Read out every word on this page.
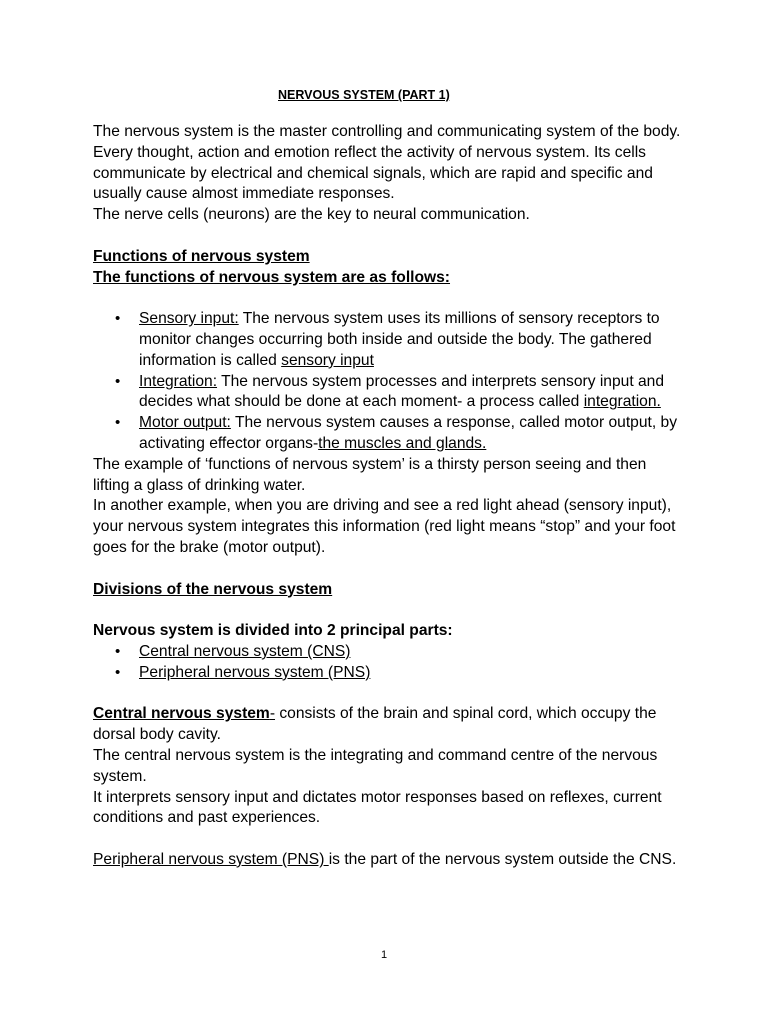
NERVOUS SYSTEM (PART 1)

The nervous system is the master controlling and communicating system of the body. Every thought, action and emotion reflect the activity of nervous system. Its cells communicate by electrical and chemical signals, which are rapid and specific and usually cause almost immediate responses.

The nerve cells (neurons) are the key to neural communication.

Functions of nervous system

The functions of nervous system are as follows:

• Sensory input: The nervous system uses its millions of sensory receptors to monitor changes occurring both inside and outside the body. The gathered information is called sensory input
• Integration: The nervous system processes and interprets sensory input and decides what should be done at each moment- a process called integration.
• Motor output: The nervous system causes a response, called motor output, by activating effector organs-the muscles and glands.

The example of ‘functions of nervous system’ is a thirsty person seeing and then lifting a glass of drinking water.

In another example, when you are driving and see a red light ahead (sensory input), your nervous system integrates this information (red light means “stop” and your foot goes for the brake (motor output).

Divisions of the nervous system

Nervous system is divided into 2 principal parts:

• Central nervous system (CNS)
• Peripheral nervous system (PNS)

Central nervous system- consists of the brain and spinal cord, which occupy the dorsal body cavity.

The central nervous system is the integrating and command centre of the nervous system.

It interprets sensory input and dictates motor responses based on reflexes, current conditions and past experiences.

Peripheral nervous system (PNS) is the part of the nervous system outside the CNS.

1
